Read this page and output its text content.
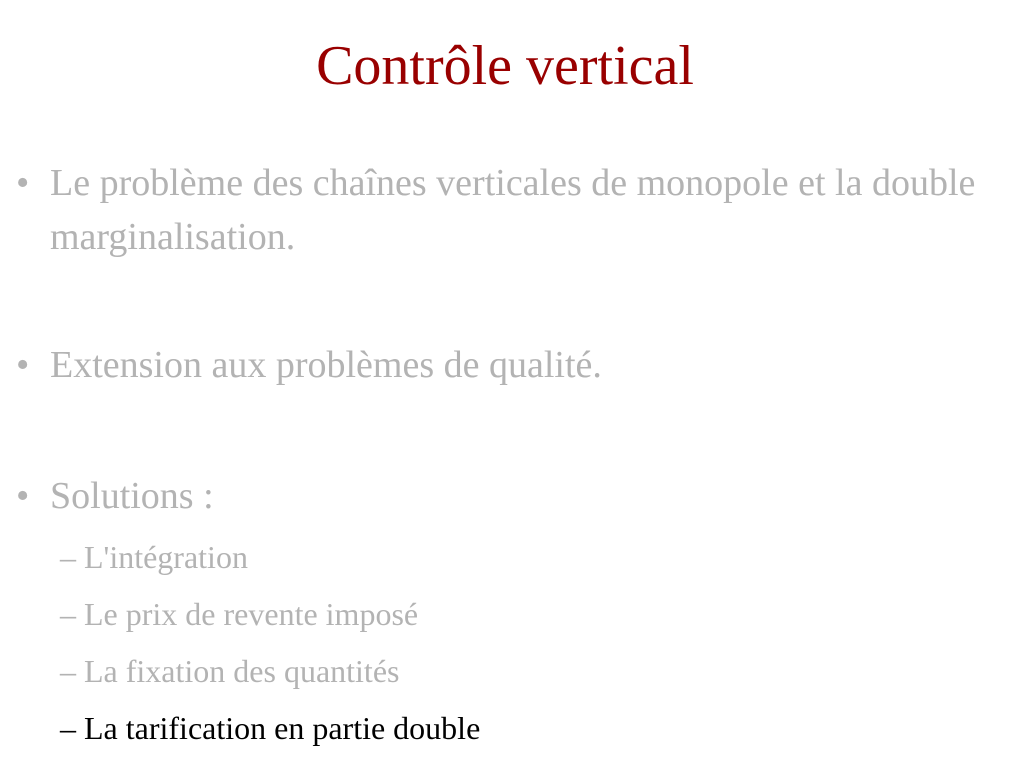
Contrôle vertical
• Le problème des chaînes verticales de monopole et la double marginalisation.
• Extension aux problèmes de qualité.
• Solutions :
– L'intégration
– Le prix de revente imposé
– La fixation des quantités
– La tarification en partie double
